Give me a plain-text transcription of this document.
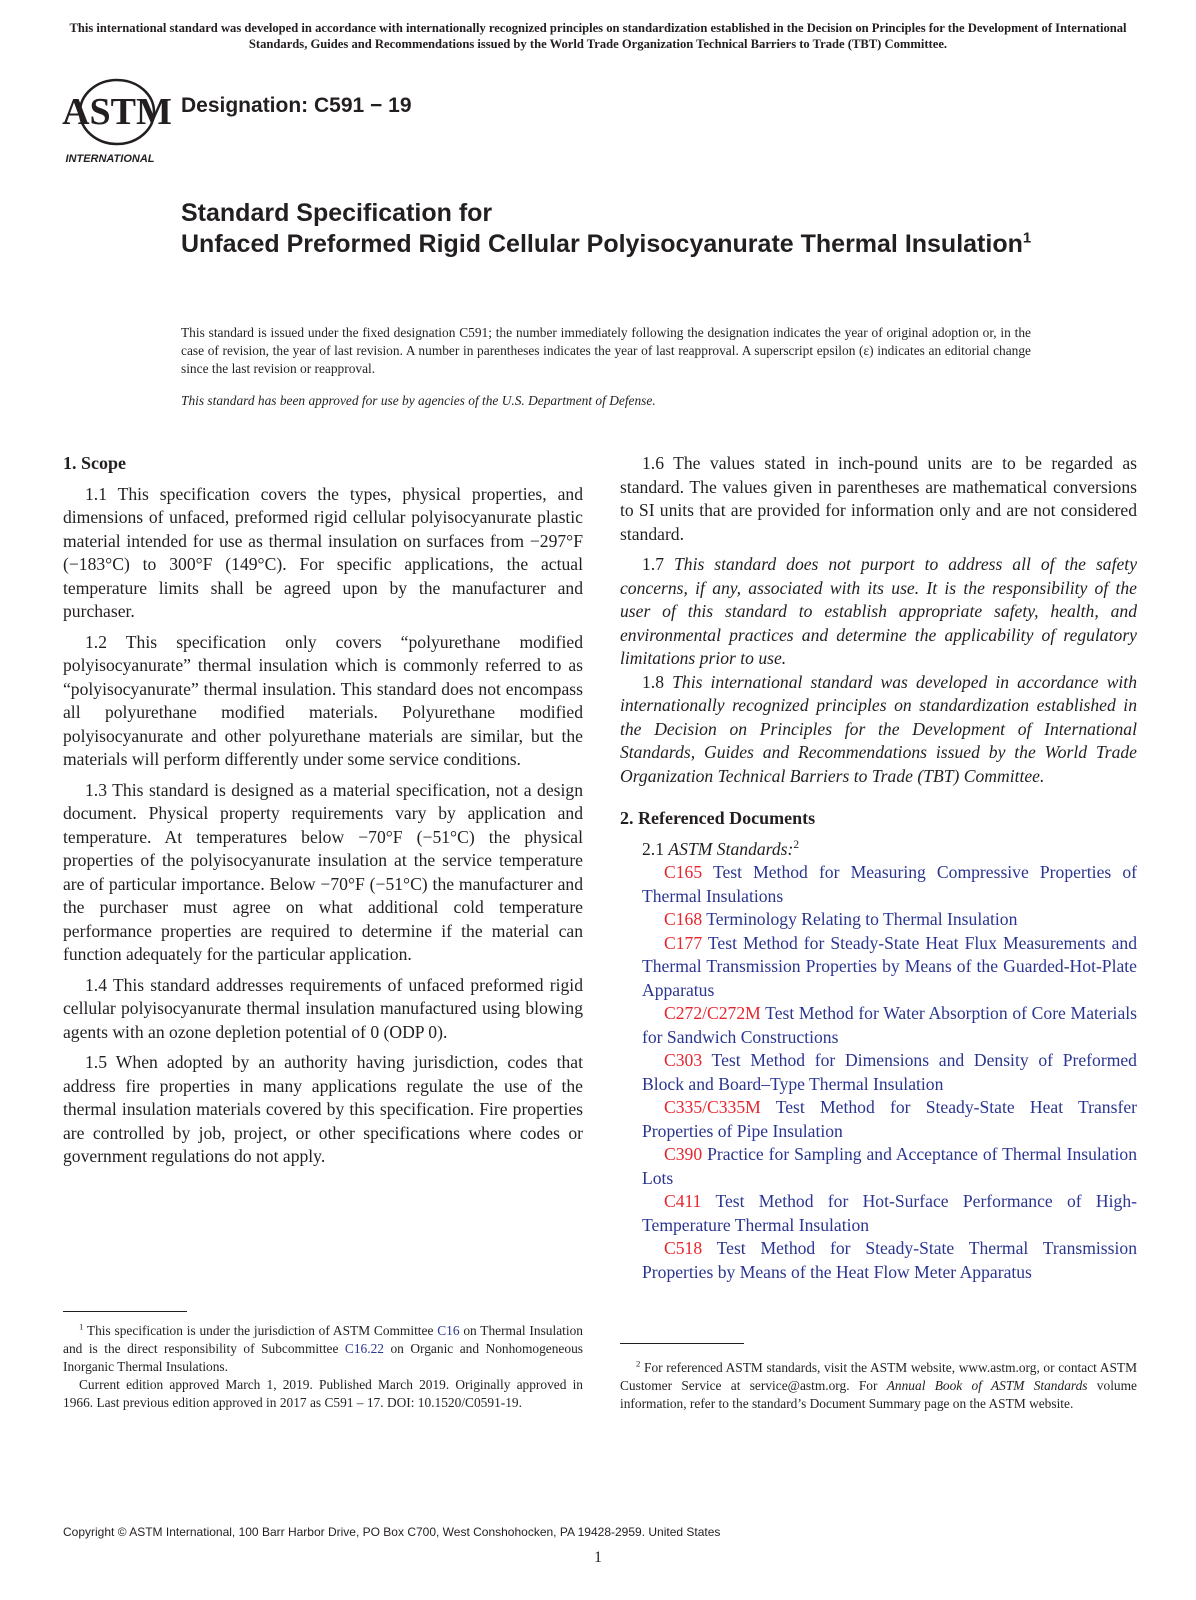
This international standard was developed in accordance with internationally recognized principles on standardization established in the Decision on Principles for the Development of International Standards, Guides and Recommendations issued by the World Trade Organization Technical Barriers to Trade (TBT) Committee.
ASTM
INTERNATIONAL
Designation: C591 − 19
Standard Specification for
Unfaced Preformed Rigid Cellular Polyisocyanurate Thermal Insulation$^1$
This standard is issued under the fixed designation C591; the number immediately following the designation indicates the year of original adoption or, in the case of revision, the year of last revision. A number in parentheses indicates the year of last reapproval. A superscript epsilon (ε) indicates an editorial change since the last revision or reapproval.
This standard has been approved for use by agencies of the U.S. Department of Defense.
1. Scope

1.1 This specification covers the types, physical properties, and dimensions of unfaced, preformed rigid cellular polyisocyanurate plastic material intended for use as thermal insulation on surfaces from −297°F (−183°C) to 300°F (149°C). For specific applications, the actual temperature limits shall be agreed upon by the manufacturer and purchaser.

1.2 This specification only covers “polyurethane modified polyisocyanurate” thermal insulation which is commonly referred to as “polyisocyanurate” thermal insulation. This standard does not encompass all polyurethane modified materials. Polyurethane modified polyisocyanurate and other polyurethane materials are similar, but the materials will perform differently under some service conditions.

1.3 This standard is designed as a material specification, not a design document. Physical property requirements vary by application and temperature. At temperatures below −70°F (−51°C) the physical properties of the polyisocyanurate insulation at the service temperature are of particular importance. Below −70°F (−51°C) the manufacturer and the purchaser must agree on what additional cold temperature performance properties are required to determine if the material can function adequately for the particular application.

1.4 This standard addresses requirements of unfaced preformed rigid cellular polyisocyanurate thermal insulation manufactured using blowing agents with an ozone depletion potential of 0 (ODP 0).

1.5 When adopted by an authority having jurisdiction, codes that address fire properties in many applications regulate the use of the thermal insulation materials covered by this specification. Fire properties are controlled by job, project, or other specifications where codes or government regulations do not apply.

1.6 The values stated in inch-pound units are to be regarded as standard. The values given in parentheses are mathematical conversions to SI units that are provided for information only and are not considered standard.

1.7 This standard does not purport to address all of the safety concerns, if any, associated with its use. It is the responsibility of the user of this standard to establish appropriate safety, health, and environmental practices and determine the applicability of regulatory limitations prior to use.

1.8 This international standard was developed in accordance with internationally recognized principles on standardization established in the Decision on Principles for the Development of International Standards, Guides and Recommendations issued by the World Trade Organization Technical Barriers to Trade (TBT) Committee.

2. Referenced Documents

2.1 ASTM Standards:$^2$

C165 Test Method for Measuring Compressive Properties of Thermal Insulations

C168 Terminology Relating to Thermal Insulation

C177 Test Method for Steady-State Heat Flux Measurements and Thermal Transmission Properties by Means of the Guarded-Hot-Plate Apparatus

C272/C272M Test Method for Water Absorption of Core Materials for Sandwich Constructions

C303 Test Method for Dimensions and Density of Preformed Block and Board–Type Thermal Insulation

C335/C335M Test Method for Steady-State Heat Transfer Properties of Pipe Insulation

C390 Practice for Sampling and Acceptance of Thermal Insulation Lots

C411 Test Method for Hot-Surface Performance of High-Temperature Thermal Insulation

C518 Test Method for Steady-State Thermal Transmission Properties by Means of the Heat Flow Meter Apparatus

$^1$ This specification is under the jurisdiction of ASTM Committee C16 on Thermal Insulation and is the direct responsibility of Subcommittee C16.22 on Organic and Nonhomogeneous Inorganic Thermal Insulations.

Current edition approved March 1, 2019. Published March 2019. Originally approved in 1966. Last previous edition approved in 2017 as C591 – 17. DOI: 10.1520/C0591-19.

$^2$ For referenced ASTM standards, visit the ASTM website, www.astm.org, or contact ASTM Customer Service at service@astm.org. For Annual Book of ASTM Standards volume information, refer to the standard’s Document Summary page on the ASTM website.

Copyright © ASTM International, 100 Barr Harbor Drive, PO Box C700, West Conshohocken, PA 19428-2959. United States
1
